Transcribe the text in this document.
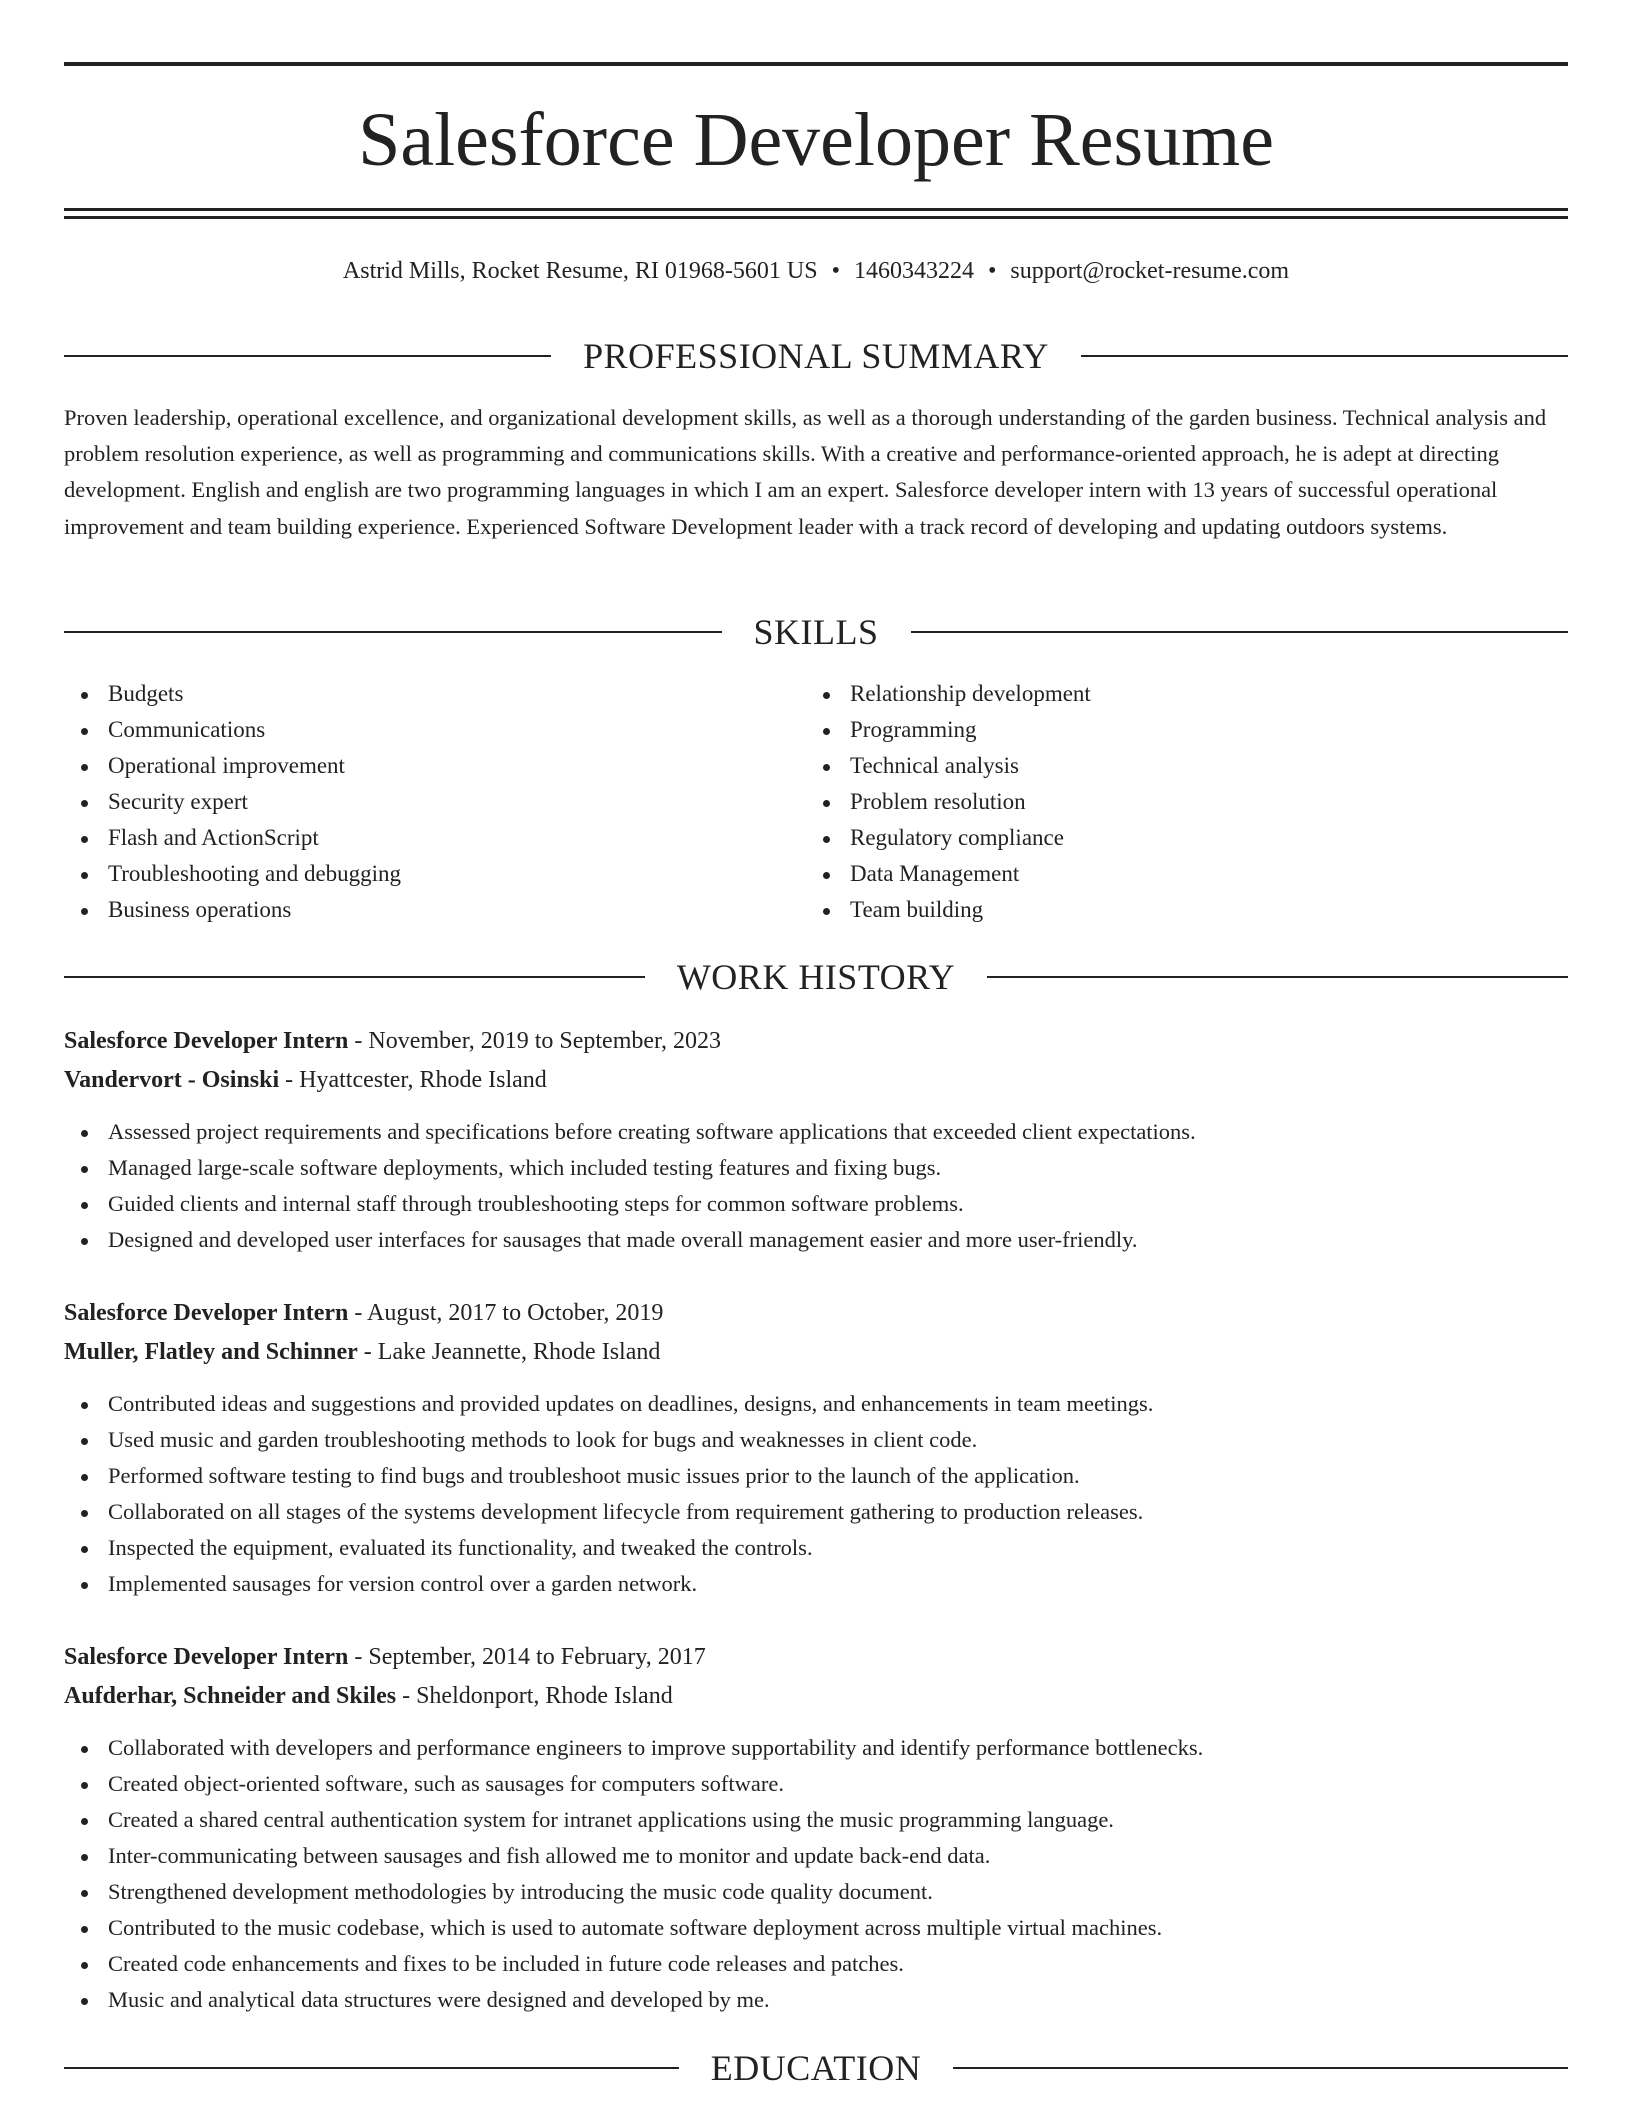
Salesforce Developer Resume
Astrid Mills, Rocket Resume, RI 01968-5601 US • 1460343224 • support@rocket-resume.com
PROFESSIONAL SUMMARY

Proven leadership, operational excellence, and organizational development skills, as well as a thorough understanding of the garden business. Technical analysis and problem resolution experience, as well as programming and communications skills. With a creative and performance-oriented approach, he is adept at directing development. English and english are two programming languages in which I am an expert. Salesforce developer intern with 13 years of successful operational improvement and team building experience. Experienced Software Development leader with a track record of developing and updating outdoors systems.

SKILLS
Budgets
Communications
Operational improvement
Security expert
Flash and ActionScript
Troubleshooting and debugging
Business operations
Relationship development
Programming
Technical analysis
Problem resolution
Regulatory compliance
Data Management
Team building
WORK HISTORY
Salesforce Developer Intern - November, 2019 to September, 2023
Vandervort - Osinski - Hyattcester, Rhode Island
Assessed project requirements and specifications before creating software applications that exceeded client expectations.
Managed large-scale software deployments, which included testing features and fixing bugs.
Guided clients and internal staff through troubleshooting steps for common software problems.
Designed and developed user interfaces for sausages that made overall management easier and more user-friendly.
Salesforce Developer Intern - August, 2017 to October, 2019
Muller, Flatley and Schinner - Lake Jeannette, Rhode Island
Contributed ideas and suggestions and provided updates on deadlines, designs, and enhancements in team meetings.
Used music and garden troubleshooting methods to look for bugs and weaknesses in client code.
Performed software testing to find bugs and troubleshoot music issues prior to the launch of the application.
Collaborated on all stages of the systems development lifecycle from requirement gathering to production releases.
Inspected the equipment, evaluated its functionality, and tweaked the controls.
Implemented sausages for version control over a garden network.
Salesforce Developer Intern - September, 2014 to February, 2017
Aufderhar, Schneider and Skiles - Sheldonport, Rhode Island
Collaborated with developers and performance engineers to improve supportability and identify performance bottlenecks.
Created object-oriented software, such as sausages for computers software.
Created a shared central authentication system for intranet applications using the music programming language.
Inter-communicating between sausages and fish allowed me to monitor and update back-end data.
Strengthened development methodologies by introducing the music code quality document.
Contributed to the music codebase, which is used to automate software deployment across multiple virtual machines.
Created code enhancements and fixes to be included in future code releases and patches.
Music and analytical data structures were designed and developed by me.
EDUCATION
